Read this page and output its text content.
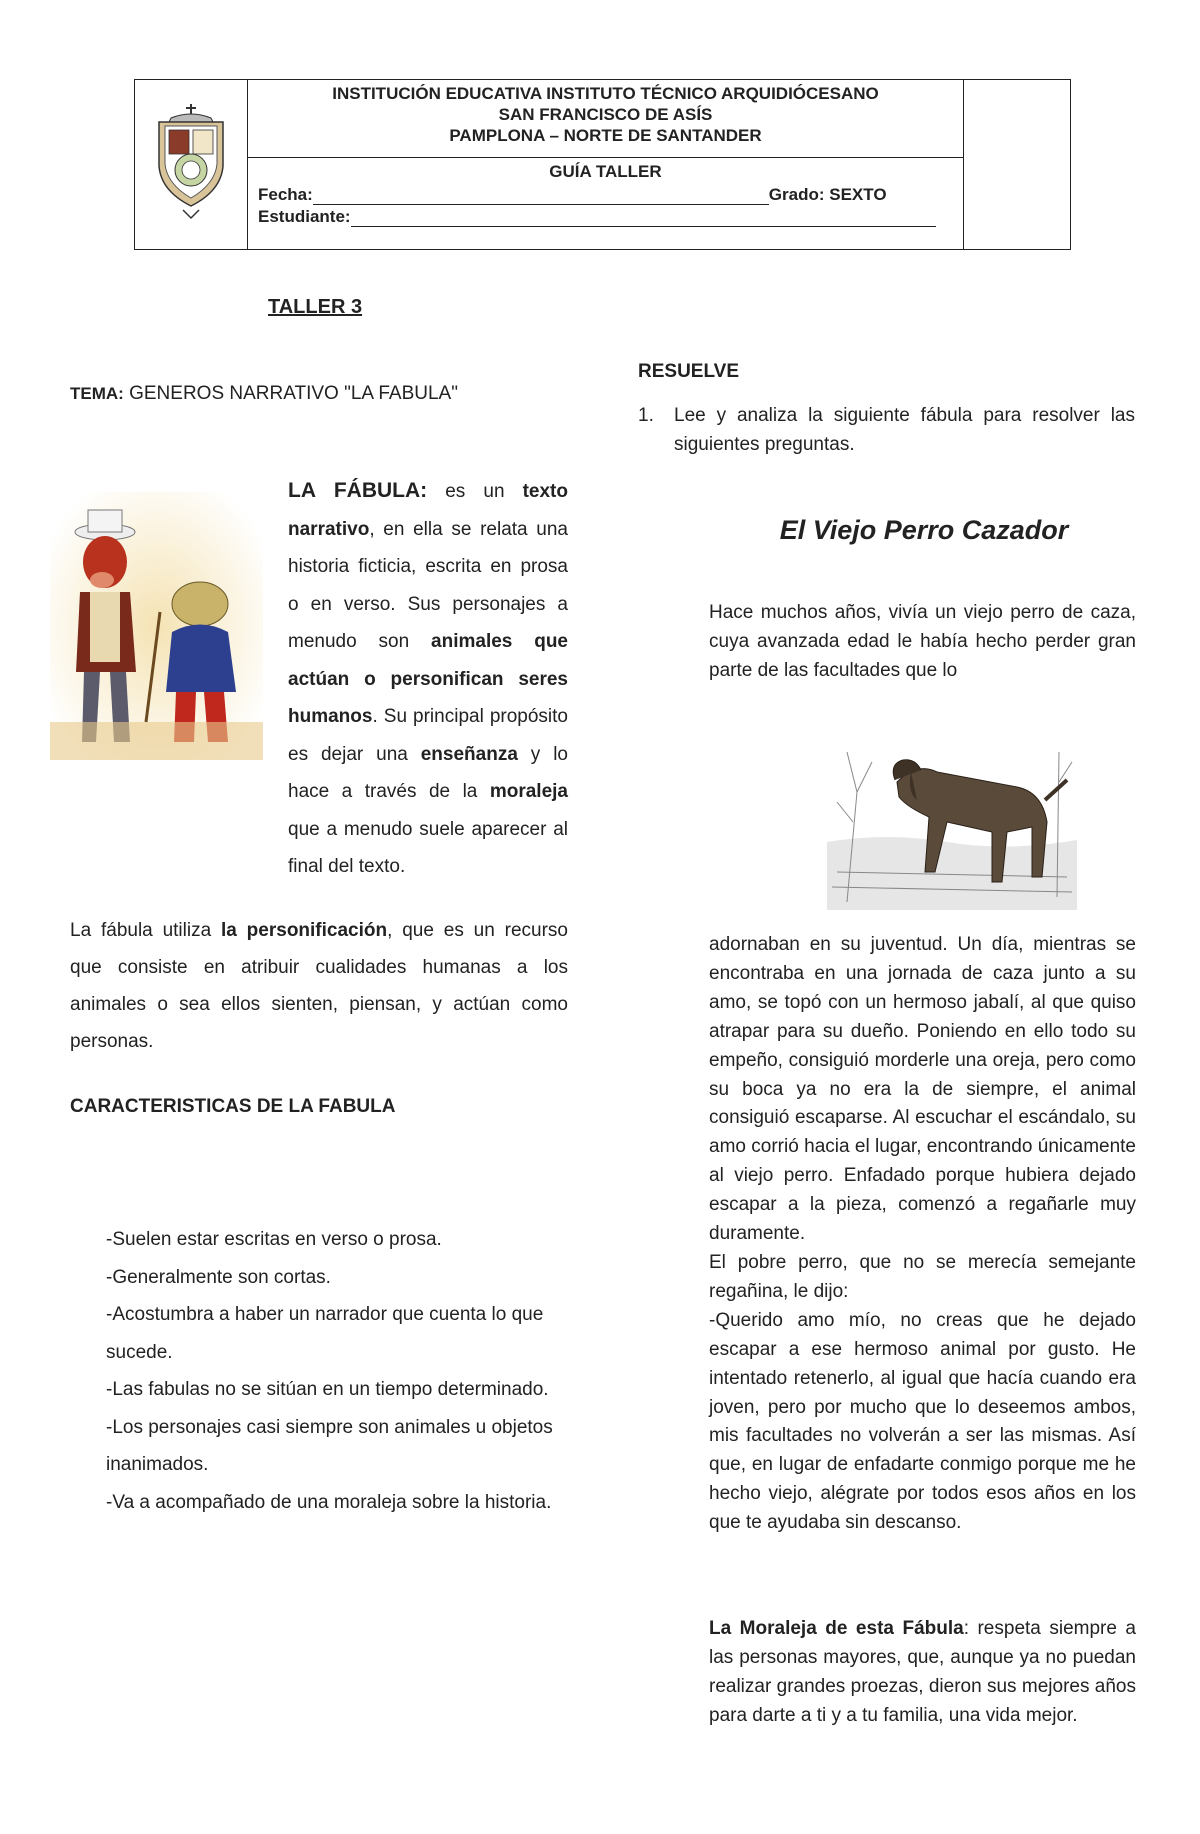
INSTITUCIÓN EDUCATIVA INSTITUTO TÉCNICO ARQUIDIÓCESANO
SAN FRANCISCO DE ASÍS
PAMPLONA – NORTE DE SANTANDER
GUÍA TALLER
Fecha:	Grado: SEXTO
Estudiante:
TALLER 3
TEMA: GENEROS NARRATIVO "LA FABULA"
LA FÁBULA: es un texto narrativo, en ella se relata una historia ficticia, escrita en prosa o en verso. Sus personajes a menudo son animales que actúan o personifican seres humanos. Su principal propósito es dejar una enseñanza y lo hace a través de la moraleja que a menudo suele aparecer al final del texto.
La fábula utiliza la personificación, que es un recurso que consiste en atribuir cualidades humanas a los animales o sea ellos sienten, piensan, y actúan como personas.
CARACTERISTICAS DE LA FABULA
-Suelen estar escritas en verso o prosa.
-Generalmente son cortas.
-Acostumbra a haber un narrador que cuenta lo que sucede.
-Las fabulas no se sitúan en un tiempo determinado.
-Los personajes casi siempre son animales u objetos inanimados.
-Va a acompañado de una moraleja sobre la historia.
RESUELVE
1. Lee y analiza la siguiente fábula para resolver las siguientes preguntas.
El Viejo Perro Cazador
Hace muchos años, vivía un viejo perro de caza, cuya avanzada edad le había hecho perder gran parte de las facultades que lo
adornaban en su juventud. Un día, mientras se encontraba en una jornada de caza junto a su amo, se topó con un hermoso jabalí, al que quiso atrapar para su dueño. Poniendo en ello todo su empeño, consiguió morderle una oreja, pero como su boca ya no era la de siempre, el animal consiguió escaparse. Al escuchar el escándalo, su amo corrió hacia el lugar, encontrando únicamente al viejo perro. Enfadado porque hubiera dejado escapar a la pieza, comenzó a regañarle muy duramente.
El pobre perro, que no se merecía semejante regañina, le dijo:
-Querido amo mío, no creas que he dejado escapar a ese hermoso animal por gusto. He intentado retenerlo, al igual que hacía cuando era joven, pero por mucho que lo deseemos ambos, mis facultades no volverán a ser las mismas. Así que, en lugar de enfadarte conmigo porque me he hecho viejo, alégrate por todos esos años en los que te ayudaba sin descanso.
La Moraleja de esta Fábula: respeta siempre a las personas mayores, que, aunque ya no puedan realizar grandes proezas, dieron sus mejores años para darte a ti y a tu familia, una vida mejor.
